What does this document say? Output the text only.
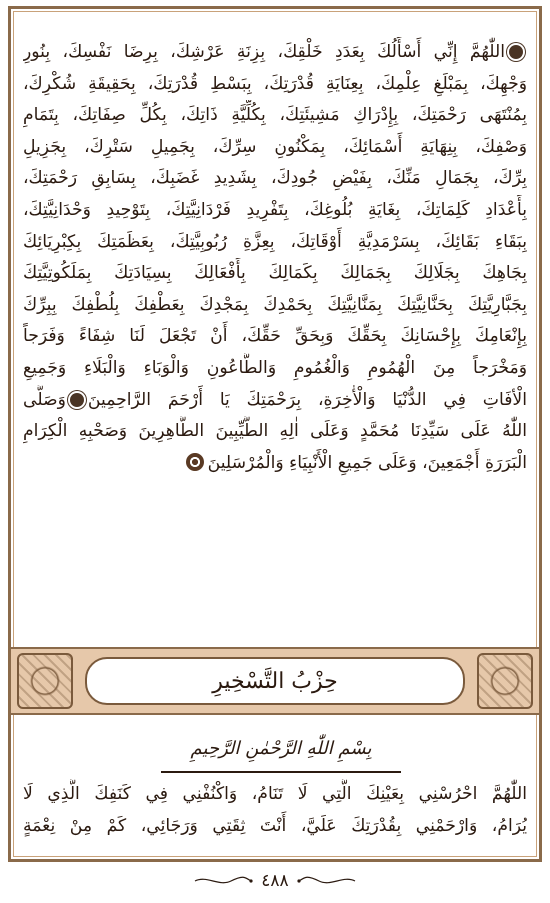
اللّٰهُمَّ إِنِّي أَسْأَلُكَ بِعَدَدِ خَلْقِكَ، بِزِنَةِ عَرْشِكَ، بِرِضَا نَفْسِكَ، بِنُورِ
وَجْهِكَ، بِمَبْلَغِ عِلْمِكَ، بِعِنَايَةِ قُدْرَتِكَ، بِبَسْطِ قُدْرَتِكَ، بِحَقِيقَةِ شُكْرِكَ،
بِمُنْتَهَى رَحْمَتِكَ، بِإِدْرَاكِ مَشِيئَتِكَ، بِكُلِّيَّةِ ذَاتِكَ، بِكُلِّ صِفَاتِكَ، بِتَمَامِ
وَصْفِكَ، بِنِهَايَةِ أَسْمَائِكَ، بِمَكْنُونِ سِرِّكَ، بِجَمِيلِ سَتْرِكَ، بِجَزِيلِ
بِرِّكَ، بِجَمَالِ مَنِّكَ، بِفَيْضِ جُودِكَ، بِشَدِيدِ غَضَبِكَ، بِسَابِقِ رَحْمَتِكَ،
بِأَعْدَادِ كَلِمَاتِكَ، بِغَايَةِ بُلُوغِكَ، بِتَفْرِيدِ فَرْدَانِيَّتِكَ، بِتَوْحِيدِ وَحْدَانِيَّتِكَ،
بِبَقَاءِ بَقَائِكَ، بِسَرْمَدِيَّةِ أَوْقَاتِكَ، بِعِزَّةِ رُبُوبِيَّتِكَ، بِعَظَمَتِكَ بِكِبْرِيَائِكَ
بِجَاهِكَ بِجَلَالِكَ بِجَمَالِكَ بِكَمَالِكَ بِأَفْعَالِكَ بِسِيَادَتِكَ بِمَلَكُوتِيَّتِكَ
بِجَبَّارِيَّتِكَ بِحَنَّانِيَّتِكَ بِمَنَّانِيَّتِكَ بِحَمْدِكَ بِمَجْدِكَ بِعَطْفِكَ بِلُطْفِكَ بِبِرِّكَ
بِإِنْعَامِكَ بِإِحْسَانِكَ بِحَقِّكَ وَبِحَقِّ حَقِّكَ، أَنْ تَجْعَلَ لَنَا شِفَاءً وَفَرَجاً
وَمَخْرَجاً مِنَ الْهُمُومِ وَالْغُمُومِ وَالطَّاعُونِ وَالْوَبَاءِ وَالْبَلَاءِ وَجَمِيعِ
الْأفَاتِ فِي الدُّنْيَا وَالْأٰخِرَةِ، بِرَحْمَتِكَ يَا أَرْحَمَ الرَّاحِمِينَوَصَلَّى
اللّٰهُ عَلَى سَيِّدِنَا مُحَمَّدٍ وَعَلَى اٰلِهِ الطَّيِّبِينَ الطَّاهِرِينَ وَصَحْبِهِ الْكِرَامِ
الْبَرَرَةِ أَجْمَعِينَ، وَعَلَى جَمِيعِ الْأَنْبِيَاءِ وَالْمُرْسَلِينَ
حِزْبُ التَّسْخِيرِ
بِسْمِ اللّٰهِ الرَّحْمٰنِ الرَّحِيمِ
اللّٰهُمَّ احْرُسْنِي بِعَيْنِكَ الَّتِي لَا تَنَامُ، وَاكْنُفْنِي فِي كَنَفِكَ الَّذِي لَا
يُرَامُ، وَارْحَمْنِي بِقُدْرَتِكَ عَلَيَّ، أَنْتَ ثِقَتِي وَرَجَائِي، كَمْ مِنْ نِعْمَةٍ
٤٨٨
